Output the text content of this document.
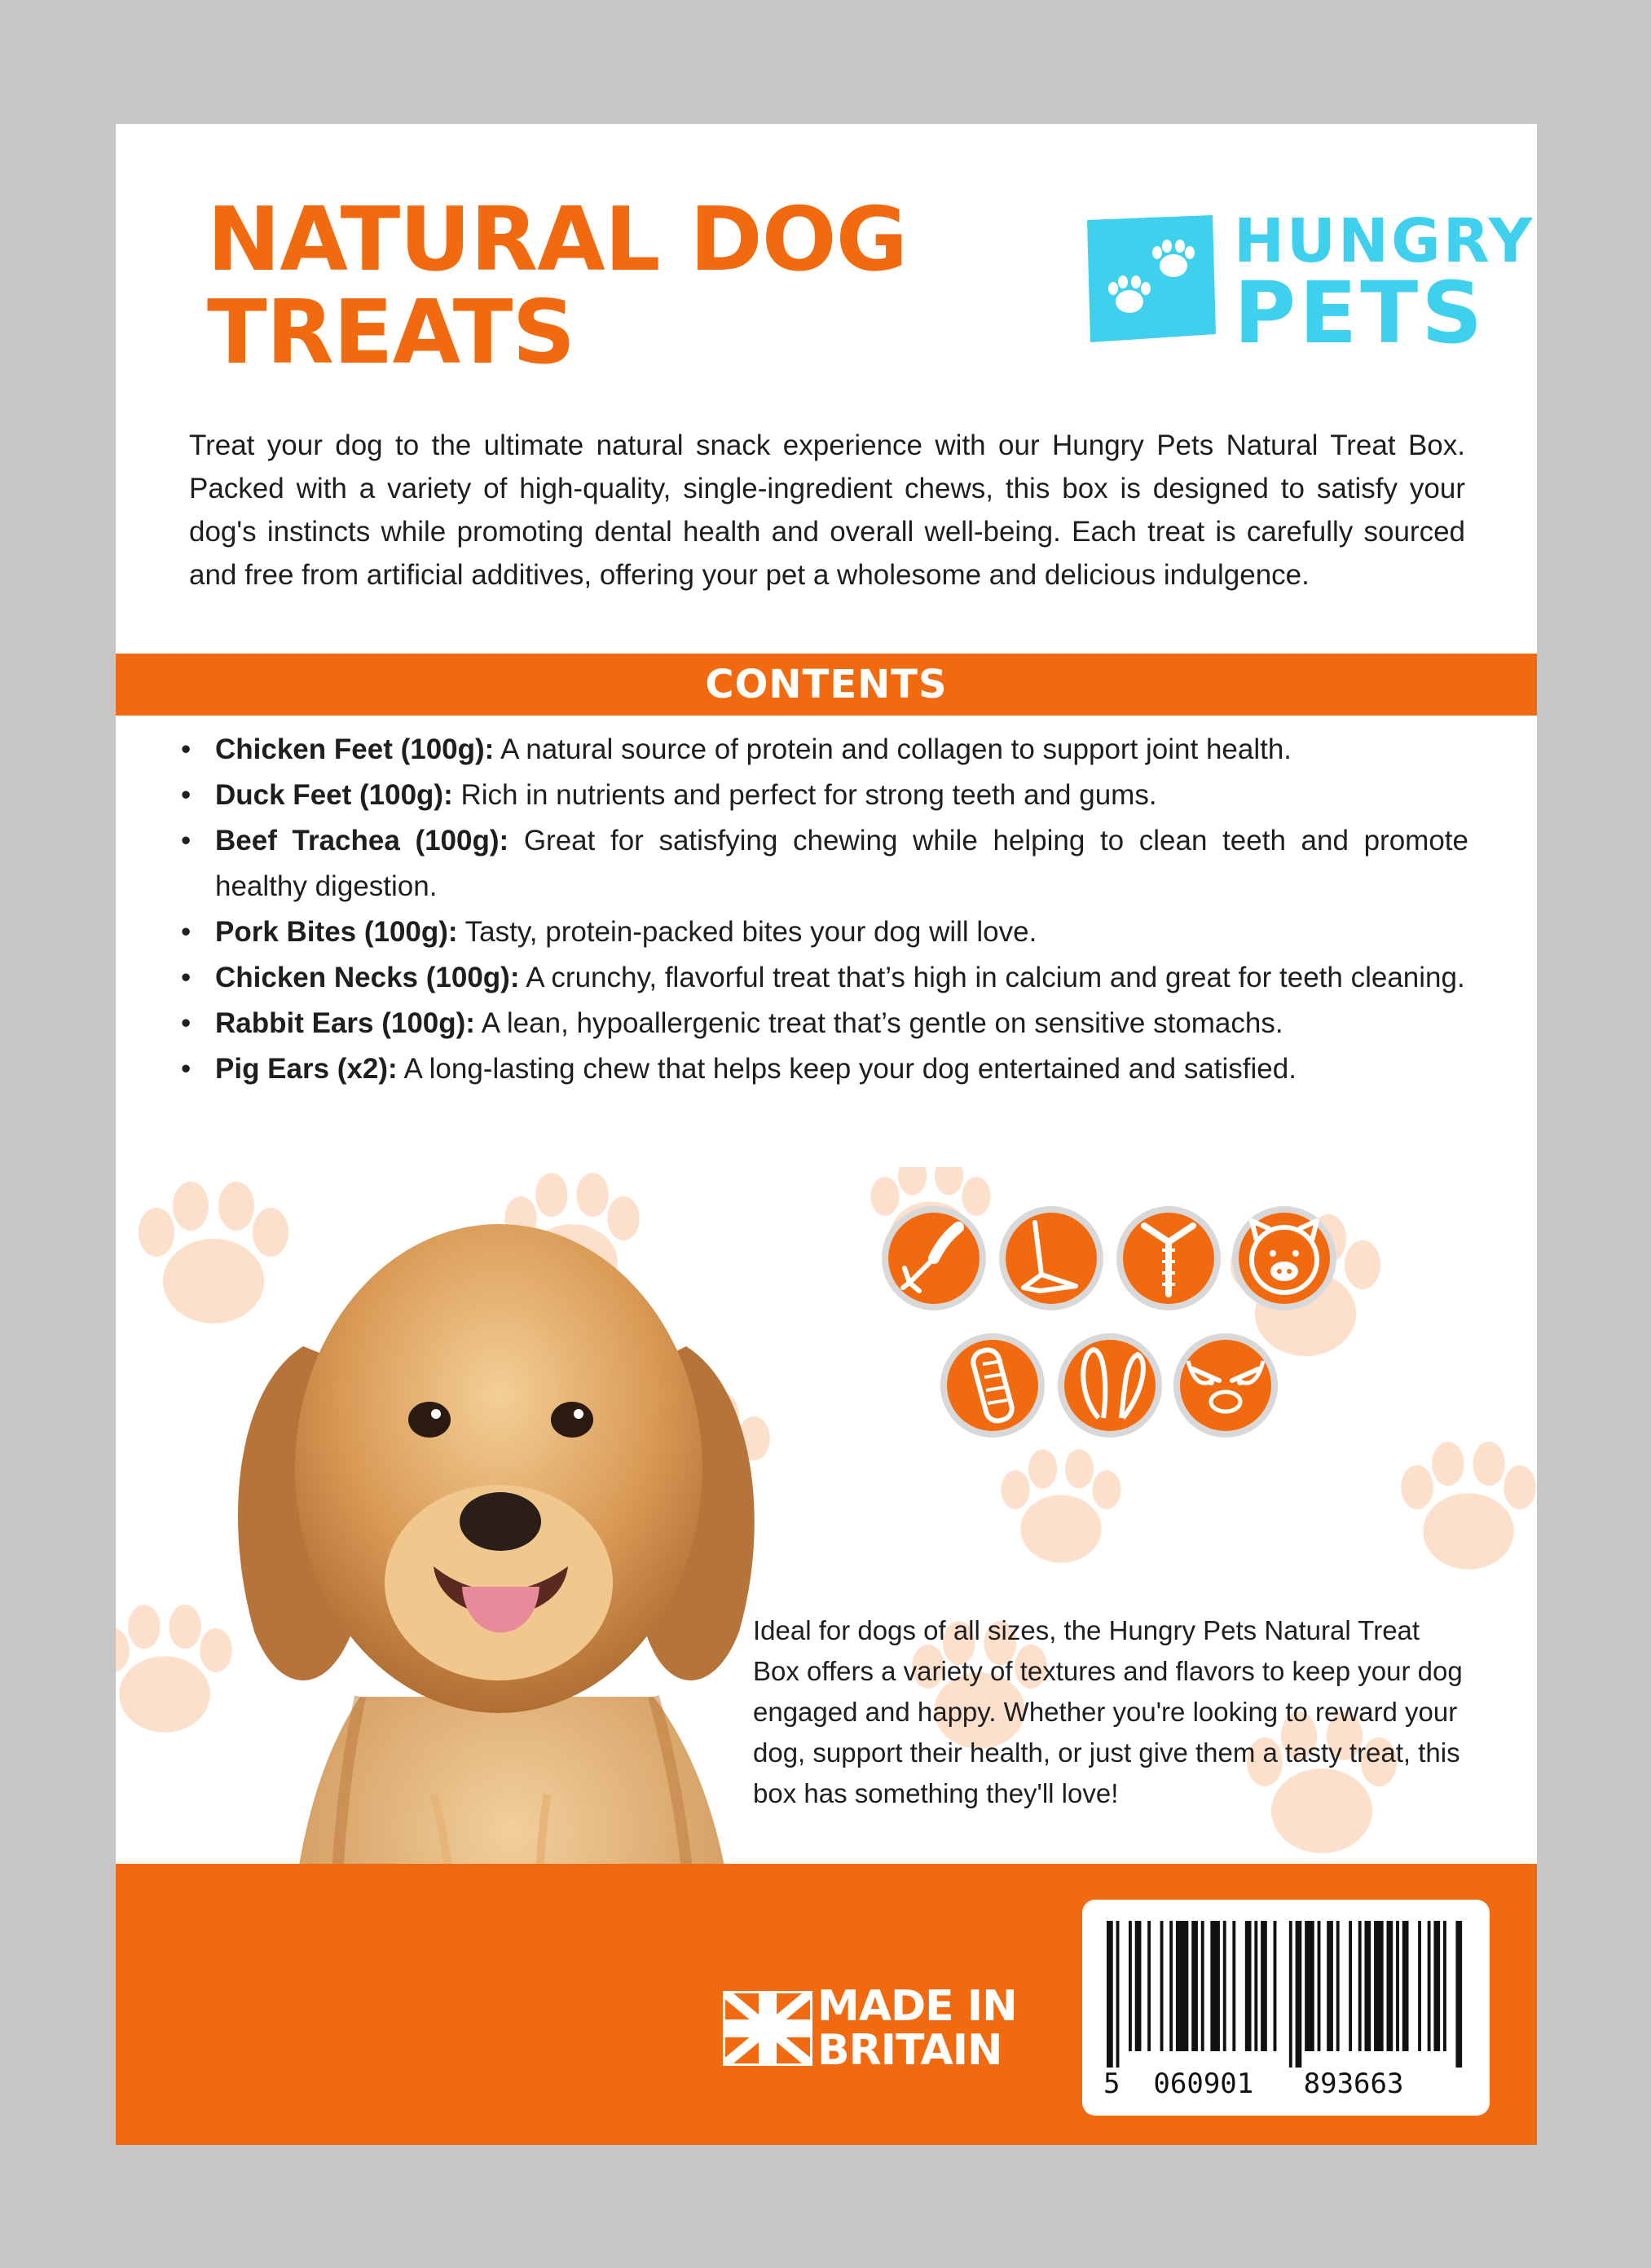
NATURAL DOG
TREATS

HUNGRY
PETS

Treat your dog to the ultimate natural snack experience with our Hungry Pets Natural Treat Box. Packed with a variety of high-quality, single-ingredient chews, this box is designed to satisfy your dog's instincts while promoting dental health and overall well-being. Each treat is carefully sourced and free from artificial additives, offering your pet a wholesome and delicious indulgence.

CONTENTS
• Chicken Feet (100g): A natural source of protein and collagen to support joint health.
• Duck Feet (100g): Rich in nutrients and perfect for strong teeth and gums.
• Beef Trachea (100g): Great for satisfying chewing while helping to clean teeth and promote healthy digestion.
• Pork Bites (100g): Tasty, protein-packed bites your dog will love.
• Chicken Necks (100g): A crunchy, flavorful treat that’s high in calcium and great for teeth cleaning.
• Rabbit Ears (100g): A lean, hypoallergenic treat that’s gentle on sensitive stomachs.
• Pig Ears (x2): A long-lasting chew that helps keep your dog entertained and satisfied.

Ideal for dogs of all sizes, the Hungry Pets Natural Treat Box offers a variety of textures and flavors to keep your dog engaged and happy. Whether you're looking to reward your dog, support their health, or just give them a tasty treat, this box has something they'll love!

MADE IN
BRITAIN

5  060901   893663
